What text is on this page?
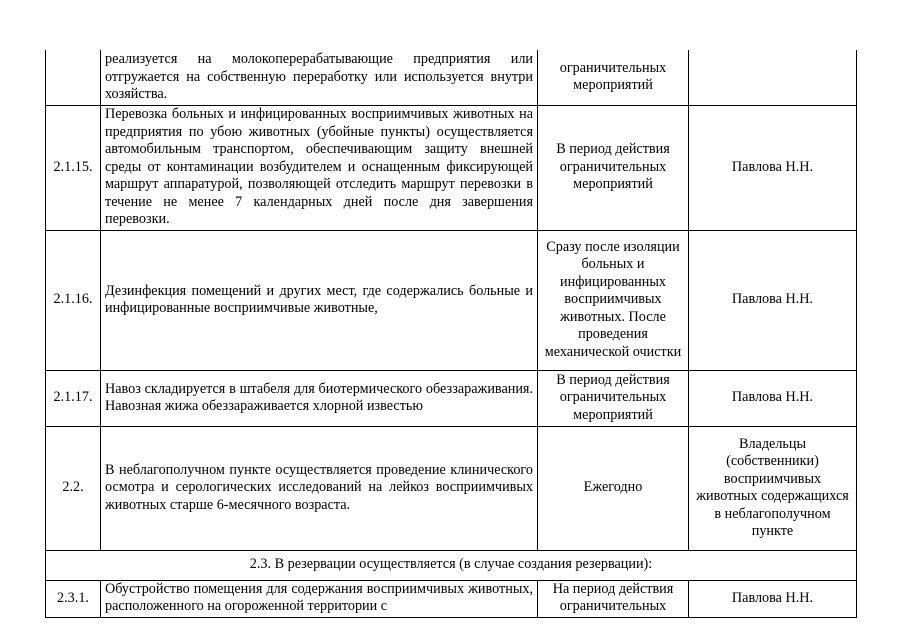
	реализуется на молокоперерабатывающие предприятия или отгружается на собственную переработку или используется внутри хозяйства.	ограничительных мероприятий	
2.1.15.	Перевозка больных и инфицированных восприимчивых животных на предприятия по убою животных (убойные пункты) осуществляется автомобильным транспортом, обеспечивающим защиту внешней среды от контаминации возбудителем и оснащенным фиксирующей маршрут аппаратурой, позволяющей отследить маршрут перевозки в течение не менее 7 календарных дней после дня завершения перевозки.	В период действия ограничительных мероприятий	Павлова Н.Н.
2.1.16.	Дезинфекция помещений и других мест, где содержались больные и инфицированные восприимчивые животные,	Сразу после изоляции больных и инфицированных восприимчивых животных. После проведения механической очистки	Павлова Н.Н.
2.1.17.	Навоз складируется в штабеля для биотермического обеззараживания. Навозная жижа обеззараживается хлорной известью	В период действия ограничительных мероприятий	Павлова Н.Н.
2.2.	В неблагополучном пункте осуществляется проведение клинического осмотра и серологических исследований на лейкоз восприимчивых животных старше 6-месячного возраста.	Ежегодно	Владельцы (собственники) восприимчивых животных содержащихся в неблагополучном пункте
2.3. В резервации осуществляется (в случае создания резервации):			
2.3.1.	Обустройство помещения для содержания восприимчивых животных, расположенного на огороженной территории с	На период действия ограничительных	Павлова Н.Н.
